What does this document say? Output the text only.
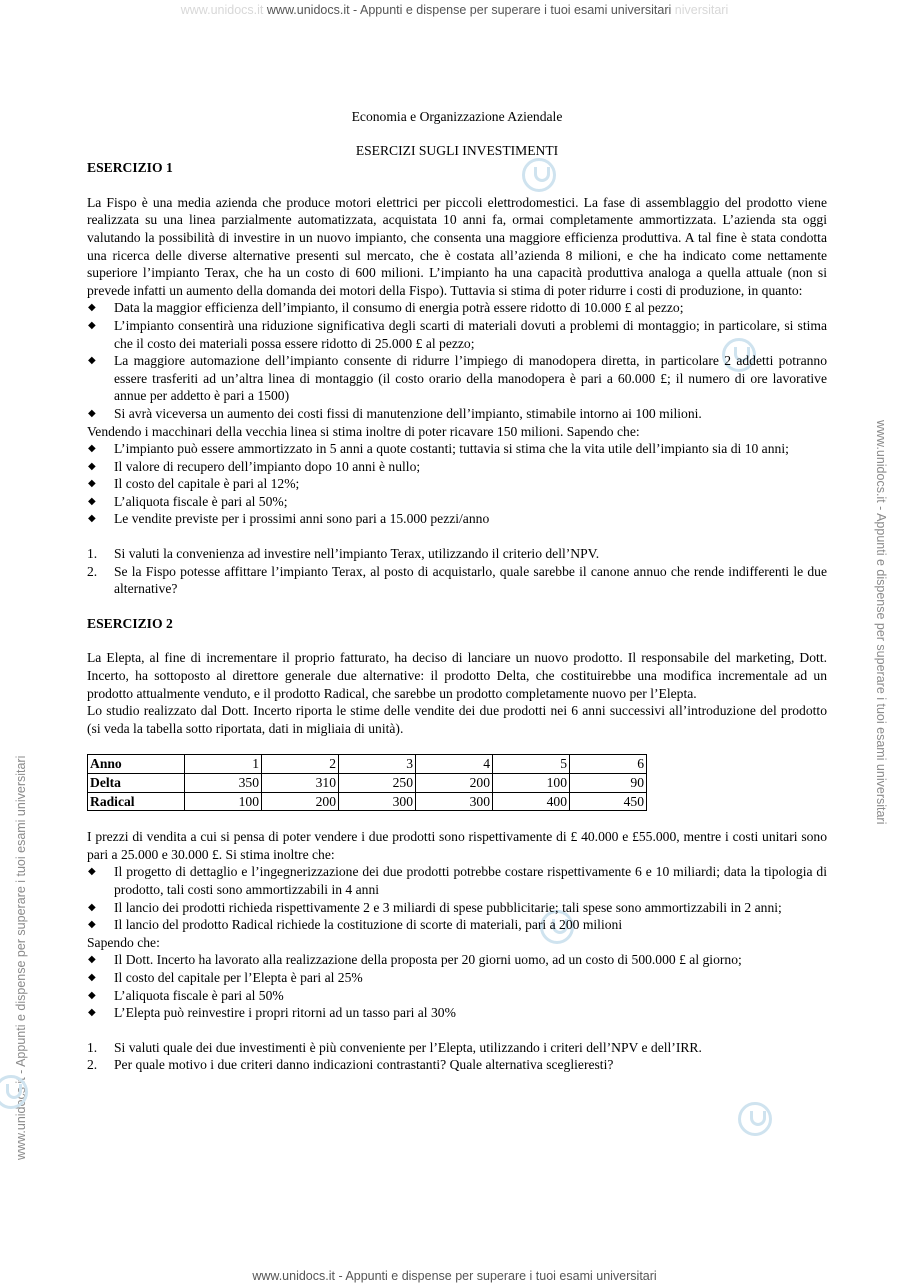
www.unidocs.it www.unidocs.it - Appunti e dispense per superare i tuoi esami universitari niversitari
www.unidocs.it - Appunti e dispense per superare i tuoi esami universitari
www.unidocs.it - Appunti e dispense per superare i tuoi esami universitari
www.unidocs.it - Appunti e dispense per superare i tuoi esami universitari
Economia e Organizzazione Aziendale
ESERCIZI SUGLI INVESTIMENTI
ESERCIZIO 1

La Fispo è una media azienda che produce motori elettrici per piccoli elettrodomestici. La fase di assemblaggio del prodotto viene realizzata su una linea parzialmente automatizzata, acquistata 10 anni fa, ormai completamente ammortizzata. L’azienda sta oggi valutando la possibilità di investire in un nuovo impianto, che consenta una maggiore efficienza produttiva. A tal fine è stata condotta una ricerca delle diverse alternative presenti sul mercato, che è costata all’azienda 8 milioni, e che ha indicato come nettamente superiore l’impianto Terax, che ha un costo di 600 milioni. L’impianto ha una capacità produttiva analoga a quella attuale (non si prevede infatti un aumento della domanda dei motori della Fispo). Tuttavia si stima di poter ridurre i costi di produzione, in quanto:

◆ Data la maggior efficienza dell’impianto, il consumo di energia potrà essere ridotto di 10.000 £ al pezzo;
◆ L’impianto consentirà una riduzione significativa degli scarti di materiali dovuti a problemi di montaggio; in particolare, si stima che il costo dei materiali possa essere ridotto di 25.000 £ al pezzo;
◆ La maggiore automazione dell’impianto consente di ridurre l’impiego di manodopera diretta, in particolare 2 addetti potranno essere trasferiti ad un’altra linea di montaggio (il costo orario della manodopera è pari a 60.000 £; il numero di ore lavorative annue per addetto è pari a 1500)
◆ Si avrà viceversa un aumento dei costi fissi di manutenzione dell’impianto, stimabile intorno ai 100 milioni.

Vendendo i macchinari della vecchia linea si stima inoltre di poter ricavare 150 milioni. Sapendo che:

◆ L’impianto può essere ammortizzato in 5 anni a quote costanti; tuttavia si stima che la vita utile dell’impianto sia di 10 anni;
◆ Il valore di recupero dell’impianto dopo 10 anni è nullo;
◆ Il costo del capitale è pari al 12%;
◆ L’aliquota fiscale è pari al 50%;
◆ Le vendite previste per i prossimi anni sono pari a 15.000 pezzi/anno
1. Si valuti la convenienza ad investire nell’impianto Terax, utilizzando il criterio dell’NPV.
2. Se la Fispo potesse affittare l’impianto Terax, al posto di acquistarlo, quale sarebbe il canone annuo che rende indifferenti le due alternative?
ESERCIZIO 2

La Elepta, al fine di incrementare il proprio fatturato, ha deciso di lanciare un nuovo prodotto. Il responsabile del marketing, Dott. Incerto, ha sottoposto al direttore generale due alternative: il prodotto Delta, che costituirebbe una modifica incrementale ad un prodotto attualmente venduto, e il prodotto Radical, che sarebbe un prodotto completamente nuovo per l’Elepta.

Lo studio realizzato dal Dott. Incerto riporta le stime delle vendite dei due prodotti nei 6 anni successivi all’introduzione del prodotto (si veda la tabella sotto riportata, dati in migliaia di unità).

Anno	1	2	3	4	5	6
Delta	350	310	250	200	100	90
Radical	100	200	300	300	400	450

I prezzi di vendita a cui si pensa di poter vendere i due prodotti sono rispettivamente di £ 40.000 e £55.000, mentre i costi unitari sono pari a 25.000 e 30.000 £. Si stima inoltre che:

◆ Il progetto di dettaglio e l’ingegnerizzazione dei due prodotti potrebbe costare rispettivamente 6 e 10 miliardi; data la tipologia di prodotto, tali costi sono ammortizzabili in 4 anni
◆ Il lancio dei prodotti richieda rispettivamente 2 e 3 miliardi di spese pubblicitarie; tali spese sono ammortizzabili in 2 anni;
◆ Il lancio del prodotto Radical richiede la costituzione di scorte di materiali, pari a 200 milioni

Sapendo che:

◆ Il Dott. Incerto ha lavorato alla realizzazione della proposta per 20 giorni uomo, ad un costo di 500.000 £ al giorno;
◆ Il costo del capitale per l’Elepta è pari al 25%
◆ L’aliquota fiscale è pari al 50%
◆ L’Elepta può reinvestire i propri ritorni ad un tasso pari al 30%
1. Si valuti quale dei due investimenti è più conveniente per l’Elepta, utilizzando i criteri dell’NPV e dell’IRR.
2. Per quale motivo i due criteri danno indicazioni contrastanti? Quale alternativa sceglieresti?
